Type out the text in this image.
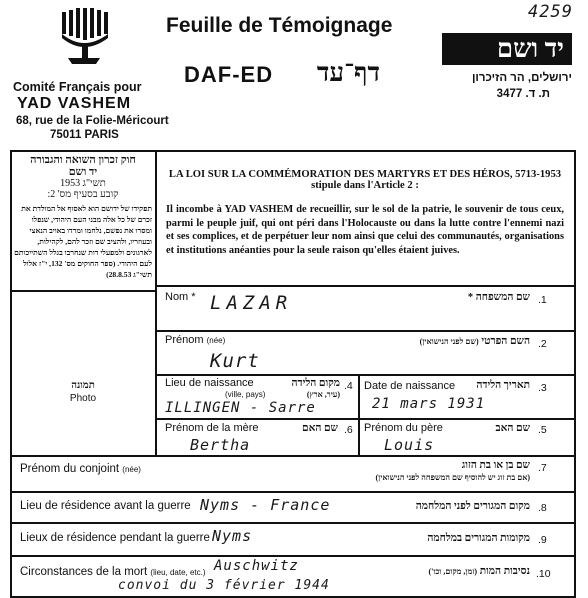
4259
Comité Français pour
YAD VASHEM
68, rue de la Folie-Méricourt
75011 PARIS
Feuille de Témoignage
DAF-ED	דף־עד
יד ושם
ירושלים, הר הזיכרון
ת. ד. 3477
חוק זכרון השואה והגבורה
יד ושם
תשי"ג 1953
קובע בסעיף מס' 2:
תפקידו של ידושם הוא לאסוף אל המולדת את זכרם של כל אלה מבני העם היהודי, שנפלו ומסרו את נפשם, נלחמו ומרדו באויב הנאצי ובעוזריו, ולהציב שם וזכר להם, לקהילות, לארגונים ולמפעלי דות שנחרבו בגלל השתייכותם לעם היהודי. (ספר החוקים מס' 132, י"ז אלול תשי"ג 28.8.53)
תמונה
Photo
LA LOI SUR LA COMMÉMORATION DES MARTYRS ET DES HÉROS, 5713-1953
stipule dans l'Article 2 :
Il incombe à YAD VASHEM de recueillir, sur le sol de la patrie, le souvenir de tous ceux, parmi le peuple juif, qui ont péri dans l'Holocauste ou dans la lutte contre l'ennemi nazi et ses complices, et de perpétuer leur nom ainsi que celui des communautés, organisations et institutions anéanties pour la seule raison qu'elles étaient juives.
Nom * LAZAR	שם המשפחה * .1
Prénom (née)
Kurt
השם הפרטי (שם לפני הנישואין)	.2
Lieu de naissance
(ville, pays)
מקום הלידה
(עיר, ארץ)
.4
ILLINGEN - Sarre
Date de naissance	תאריך הלידה .3
21 mars 1931
Prénom de la mère	שם האם .6
Bertha
Prénom du père	שם האב .5
Louis
Prénom du conjoint (née)	שם בן או בת הזוג
(אם בת זוג יש להוסיף שם המשפחה לפני הנישואין)
.7
Lieu de résidence avant la guerre Nyms - France	מקום המגורים לפני המלחמה .8
Lieux de résidence pendant la guerre Nyms	מקומות המגורים במלחמה .9
Circonstances de la mort (lieu, date, etc.) Auschwitz
convoi du 3 février 1944
נסיבות המות (זמן, מקום, וכו')	.10
